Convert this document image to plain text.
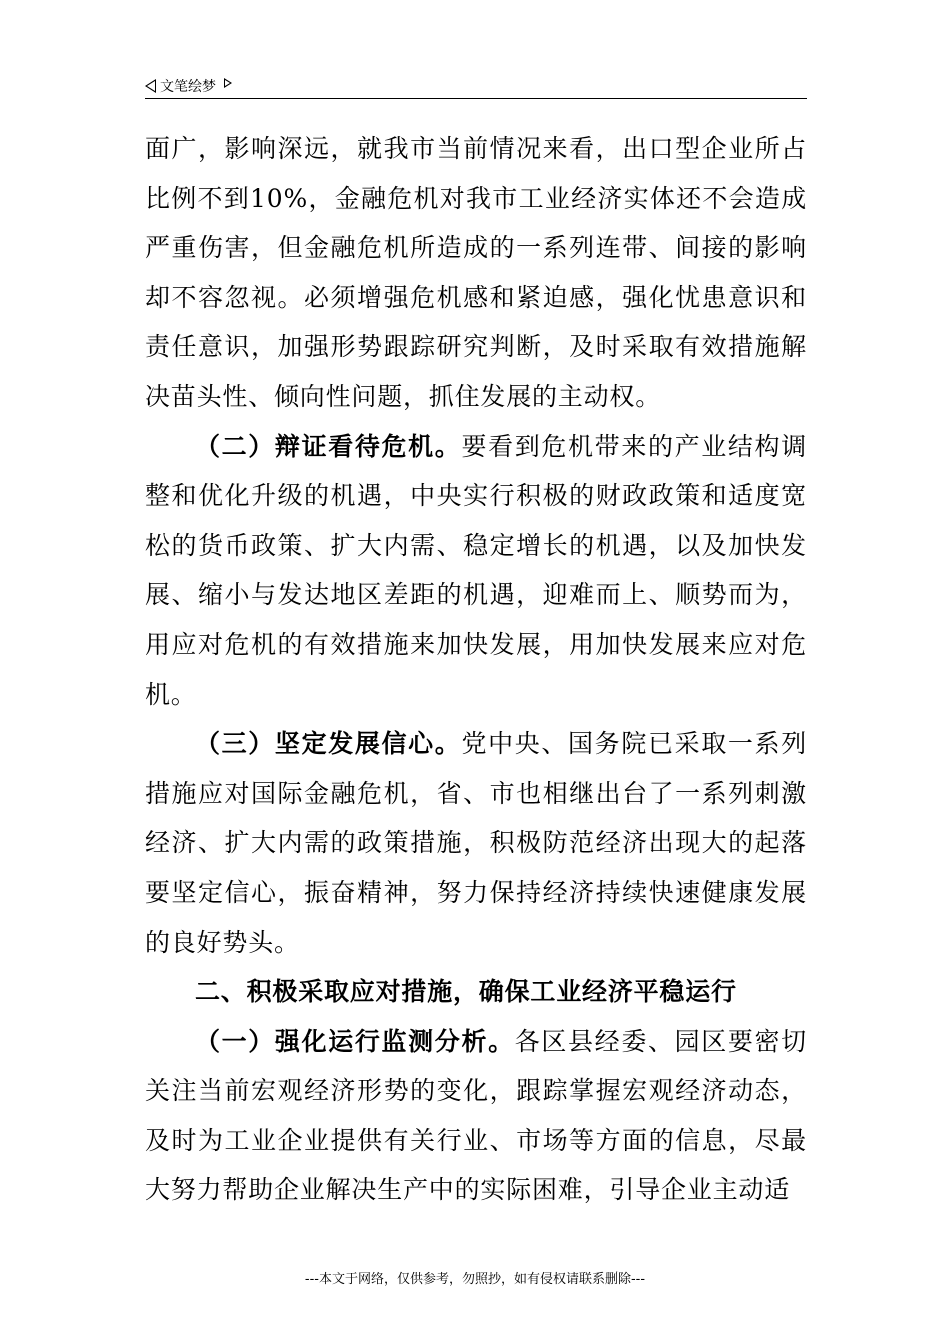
文笔绘梦

面广，影响深远，就我市当前情况来看，出口型企业所占比例不到10%，金融危机对我市工业经济实体还不会造成严重伤害，但金融危机所造成的一系列连带、间接的影响却不容忽视。必须增强危机感和紧迫感，强化忧患意识和责任意识，加强形势跟踪研究判断，及时采取有效措施解决苗头性、倾向性问题，抓住发展的主动权。

（二）辩证看待危机。要看到危机带来的产业结构调整和优化升级的机遇，中央实行积极的财政政策和适度宽松的货币政策、扩大内需、稳定增长的机遇，以及加快发展、缩小与发达地区差距的机遇，迎难而上、顺势而为，用应对危机的有效措施来加快发展，用加快发展来应对危机。

（三）坚定发展信心。党中央、国务院已采取一系列措施应对国际金融危机，省、市也相继出台了一系列刺激经济、扩大内需的政策措施，积极防范经济出现大的起落要坚定信心，振奋精神，努力保持经济持续快速健康发展的良好势头。

二、积极采取应对措施，确保工业经济平稳运行

（一）强化运行监测分析。各区县经委、园区要密切关注当前宏观经济形势的变化，跟踪掌握宏观经济动态，及时为工业企业提供有关行业、市场等方面的信息，尽最大努力帮助企业解决生产中的实际困难，引导企业主动适

---本文于网络，仅供参考，勿照抄，如有侵权请联系删除---
